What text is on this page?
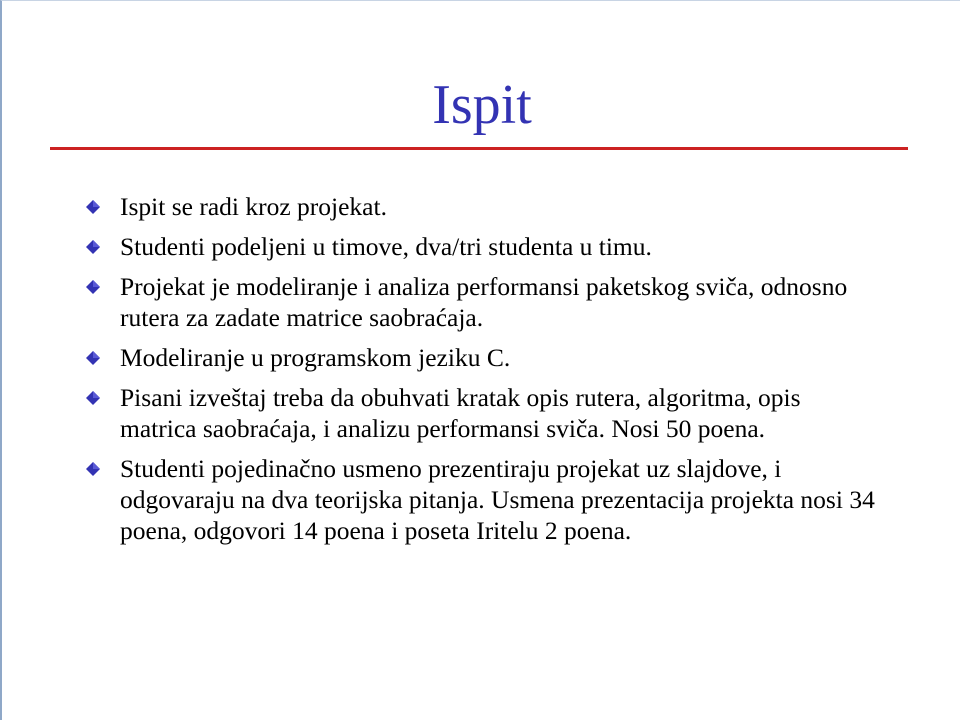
Ispit
Ispit se radi kroz projekat.
Studenti podeljeni u timove, dva/tri studenta u timu.
Projekat je modeliranje i analiza performansi paketskog sviča, odnosno rutera za zadate matrice saobraćaja.
Modeliranje u programskom jeziku C.
Pisani izveštaj treba da obuhvati kratak opis rutera, algoritma, opis matrica saobraćaja, i analizu performansi sviča. Nosi 50 poena.
Studenti pojedinačno usmeno prezentiraju projekat uz slajdove, i odgovaraju na dva teorijska pitanja. Usmena prezentacija projekta nosi 34 poena, odgovori 14 poena i poseta Iritelu 2 poena.
